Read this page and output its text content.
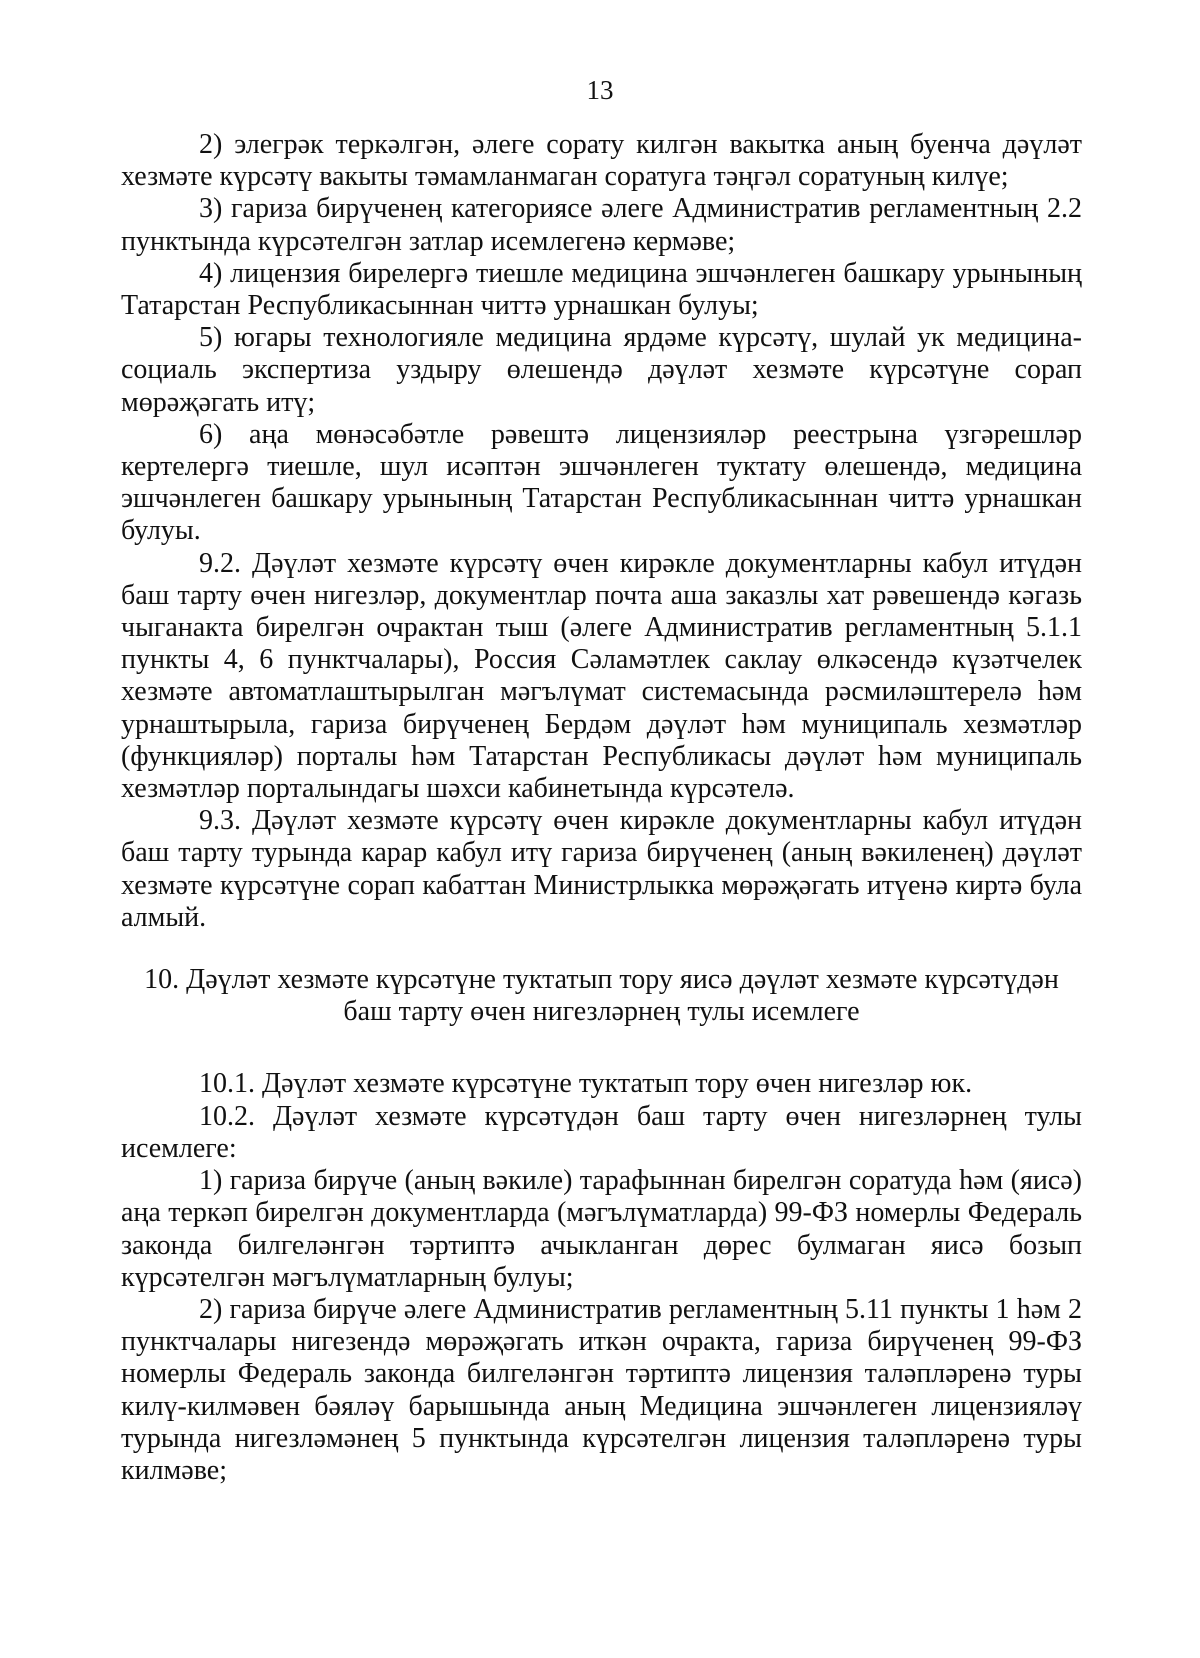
13

2) элегрәк теркәлгән, әлеге сорату килгән вакытка аның буенча дәүләт хезмәте күрсәтү вакыты тәмамланмаган соратуга тәңгәл соратуның килүе;

3) гариза бирүченең категориясе әлеге Административ регламентның 2.2 пунктында күрсәтелгән затлар исемлегенә кермәве;

4) лицензия бирелергә тиешле медицина эшчәнлеген башкару урынының Татарстан Республикасыннан читтә урнашкан булуы;

5) югары технологияле медицина ярдәме күрсәтү, шулай ук медицина-социаль экспертиза уздыру өлешендә дәүләт хезмәте күрсәтүне сорап мөрәҗәгать итү;

6) аңа мөнәсәбәтле рәвештә лицензияләр реестрына үзгәрешләр кертелергә тиешле, шул исәптән эшчәнлеген туктату өлешендә, медицина эшчәнлеген башкару урынының Татарстан Республикасыннан читтә урнашкан булуы.

9.2. Дәүләт хезмәте күрсәтү өчен кирәкле документларны кабул итүдән баш тарту өчен нигезләр, документлар почта аша заказлы хат рәвешендә кәгазь чыганакта бирелгән очрактан тыш (әлеге Административ регламентның 5.1.1 пункты 4, 6 пунктчалары), Россия Сәламәтлек саклау өлкәсендә күзәтчелек хезмәте автоматлаштырылган мәгълүмат системасында рәсмиләштерелә һәм урнаштырыла, гариза бирүченең Бердәм дәүләт һәм муниципаль хезмәтләр (функцияләр) порталы һәм Татарстан Республикасы дәүләт һәм муниципаль хезмәтләр порталындагы шәхси кабинетында күрсәтелә.

9.3. Дәүләт хезмәте күрсәтү өчен кирәкле документларны кабул итүдән баш тарту турында карар кабул итү гариза бирүченең (аның вәкиленең) дәүләт хезмәте күрсәтүне сорап кабаттан Министрлыкка мөрәҗәгать итүенә киртә була алмый.

10. Дәүләт хезмәте күрсәтүне туктатып тору яисә дәүләт хезмәте күрсәтүдән баш тарту өчен нигезләрнең тулы исемлеге

10.1. Дәүләт хезмәте күрсәтүне туктатып тору өчен нигезләр юк.

10.2. Дәүләт хезмәте күрсәтүдән баш тарту өчен нигезләрнең тулы исемлеге:

1) гариза бирүче (аның вәкиле) тарафыннан бирелгән соратуда һәм (яисә) аңа теркәп бирелгән документларда (мәгълүматларда) 99-ФЗ номерлы Федераль законда билгеләнгән тәртиптә ачыкланган дөрес булмаган яисә бозып күрсәтелгән мәгълүматларның булуы;

2) гариза бирүче әлеге Административ регламентның 5.11 пункты 1 һәм 2 пунктчалары нигезендә мөрәҗәгать иткән очракта, гариза бирүченең 99-ФЗ номерлы Федераль законда билгеләнгән тәртиптә лицензия таләпләренә туры килү-килмәвен бәяләү барышында аның Медицина эшчәнлеген лицензияләү турында нигезләмәнең 5 пунктында күрсәтелгән лицензия таләпләренә туры килмәве;
